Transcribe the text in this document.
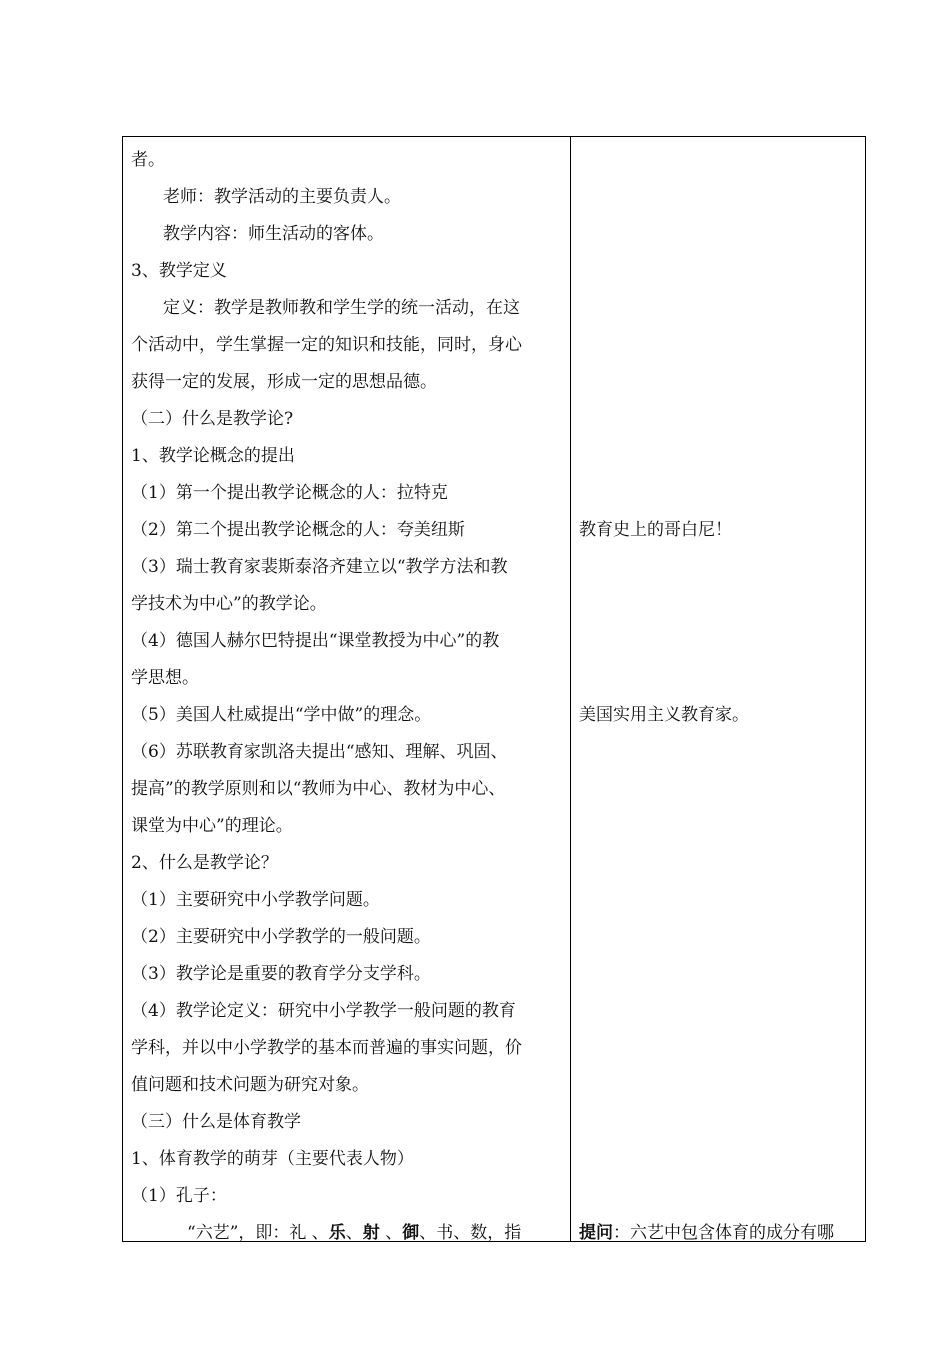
者。
老师：教学活动的主要负责人。
教学内容：师生活动的客体。
3、教学定义
定义：教学是教师教和学生学的统一活动，在这
个活动中，学生掌握一定的知识和技能，同时，身心
获得一定的发展，形成一定的思想品德。
（二）什么是教学论?
1、教学论概念的提出
（1）第一个提出教学论概念的人：拉特克
（2）第二个提出教学论概念的人：夸美纽斯
（3）瑞士教育家裴斯泰洛齐建立以“教学方法和教
学技术为中心”的教学论。
（4）德国人赫尔巴特提出“课堂教授为中心”的教
学思想。
（5）美国人杜威提出“学中做”的理念。
（6）苏联教育家凯洛夫提出“感知、理解、巩固、
提高”的教学原则和以“教师为中心、教材为中心、
课堂为中心”的理论。
2、什么是教学论？
（1）主要研究中小学教学问题。
（2）主要研究中小学教学的一般问题。
（3）教学论是重要的教育学分支学科。
（4）教学论定义：研究中小学教学一般问题的教育
学科，并以中小学教学的基本而普遍的事实问题，价
值问题和技术问题为研究对象。
（三）什么是体育教学
1、体育教学的萌芽（主要代表人物）
（1）孔子：
“六艺”，即：礼 、乐、射 、御、书、数，指
教育史上的哥白尼！
美国实用主义教育家。
提问：六艺中包含体育的成分有哪
